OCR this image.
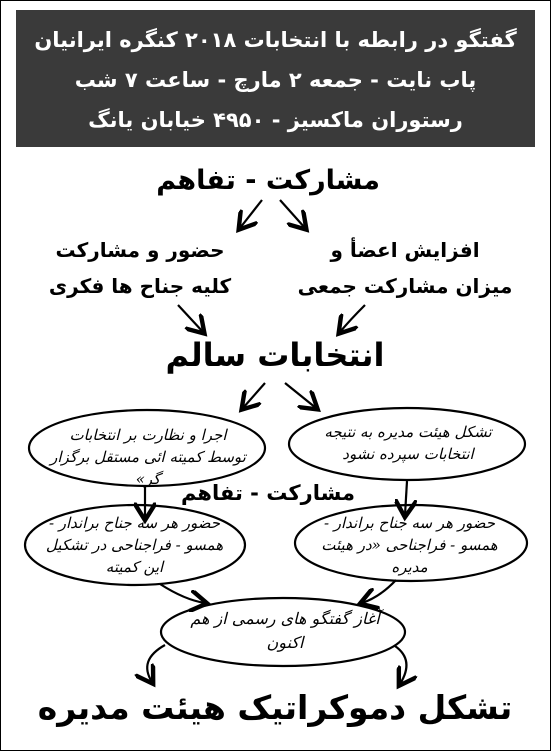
گفتگو در رابطه با انتخابات ۲۰۱۸ کنگره ایرانیان
پاب نایت - جمعه ۲ مارچ - ساعت ۷ شب
رستوران ماکسیز - ۴۹۵۰ خیابان یانگ
مشارکت - تفاهم
حضور و مشارکت
کلیه جناح ها فکری
افزایش اعضأ و
میزان مشارکت جمعی
انتخابات سالم
اجرا و نظارت بر انتخابات توسط کمیته ائی مستقل برگزار گر»
تشکل هیئت مدیره به نتیجه انتخابات سپرده نشود
مشارکت - تفاهم
حضور هر سه جناح براندار - همسو - فراجناحی در تشکیل این کمیته
حضور هر سه جناح براندار - همسو - فراجناحی «در هیئت مدیره
آغاز گفتگو های رسمی از هم اکنون
تشکل دموکراتیک هیئت مدیره
